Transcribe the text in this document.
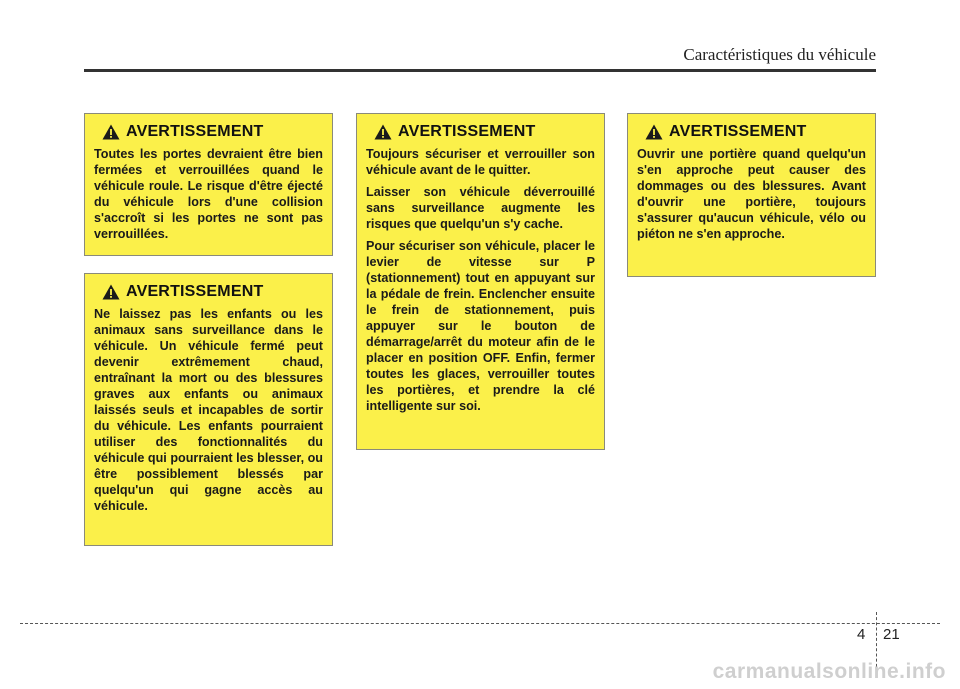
Caractéristiques du véhicule
AVERTISSEMENT

Toutes les portes devraient être bien fermées et verrouillées quand le véhicule roule. Le risque d'être éjecté du véhicule lors d'une collision s'accroît si les portes ne sont pas verrouillées.

AVERTISSEMENT

Ne laissez pas les enfants ou les animaux sans surveillance dans le véhicule. Un véhicule fermé peut devenir extrêmement chaud, entraînant la mort ou des blessures graves aux enfants ou animaux laissés seuls et incapables de sortir du véhicule. Les enfants pourraient utiliser des fonctionnalités du véhicule qui pourraient les blesser, ou être possiblement blessés par quelqu'un qui gagne accès au véhicule.

AVERTISSEMENT

Toujours sécuriser et verrouiller son véhicule avant de le quitter.

Laisser son véhicule déverrouillé sans surveillance augmente les risques que quelqu'un s'y cache.

Pour sécuriser son véhicule, placer le levier de vitesse sur P (stationnement) tout en appuyant sur la pédale de frein. Enclencher ensuite le frein de stationnement, puis appuyer sur le bouton de démarrage/arrêt du moteur afin de le placer en position OFF. Enfin, fermer toutes les glaces, verrouiller toutes les portières, et prendre la clé intelligente sur soi.

AVERTISSEMENT

Ouvrir une portière quand quelqu'un s'en approche peut causer des dommages ou des blessures. Avant d'ouvrir une portière, toujours s'assurer qu'aucun véhicule, vélo ou piéton ne s'en approche.

4 21
carmanualsonline.info
